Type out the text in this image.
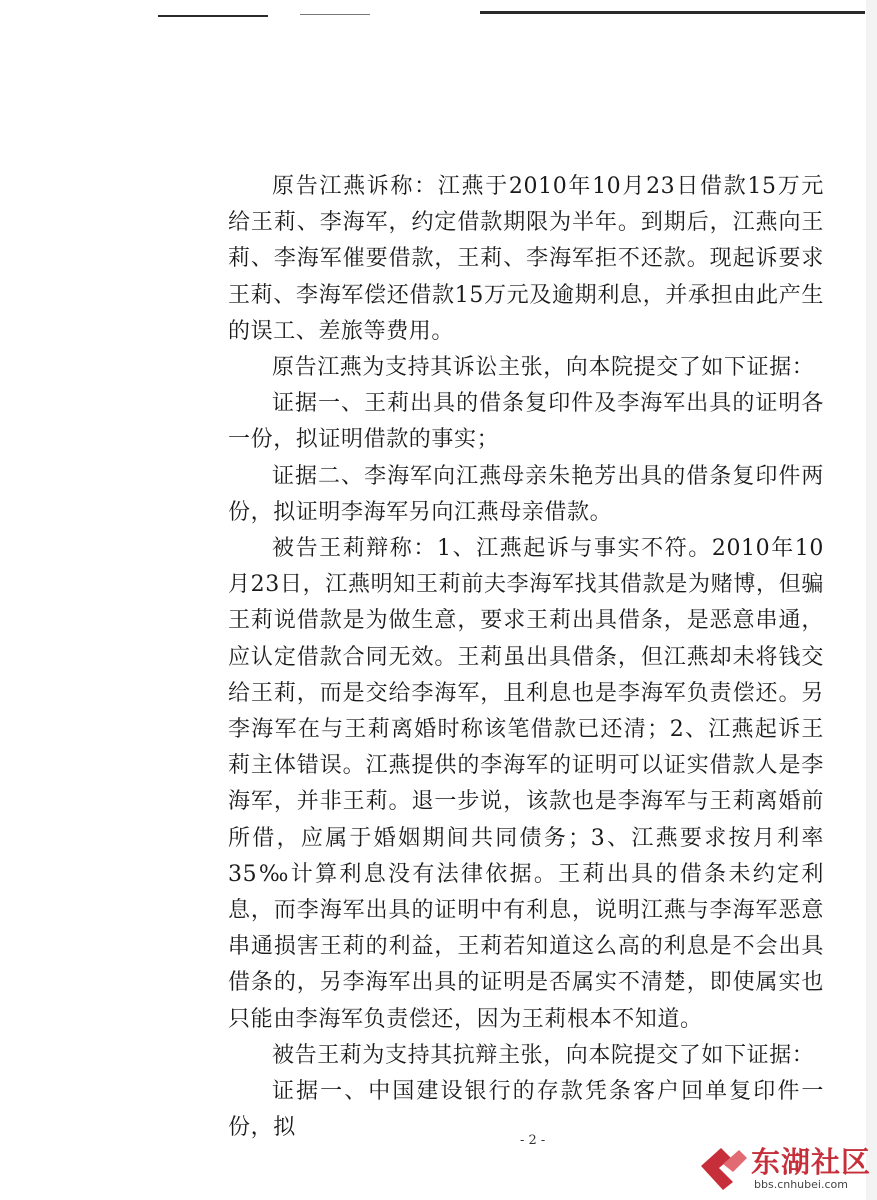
原告江燕诉称：江燕于2010年10月23日借款15万元给王莉、李海军，约定借款期限为半年。到期后，江燕向王莉、李海军催要借款，王莉、李海军拒不还款。现起诉要求王莉、李海军偿还借款15万元及逾期利息，并承担由此产生的误工、差旅等费用。

原告江燕为支持其诉讼主张，向本院提交了如下证据：

证据一、王莉出具的借条复印件及李海军出具的证明各一份，拟证明借款的事实；

证据二、李海军向江燕母亲朱艳芳出具的借条复印件两份，拟证明李海军另向江燕母亲借款。

被告王莉辩称：1、江燕起诉与事实不符。2010年10月23日，江燕明知王莉前夫李海军找其借款是为赌博，但骗王莉说借款是为做生意，要求王莉出具借条，是恶意串通，应认定借款合同无效。王莉虽出具借条，但江燕却未将钱交给王莉，而是交给李海军，且利息也是李海军负责偿还。另李海军在与王莉离婚时称该笔借款已还清；2、江燕起诉王莉主体错误。江燕提供的李海军的证明可以证实借款人是李海军，并非王莉。退一步说，该款也是李海军与王莉离婚前所借，应属于婚姻期间共同债务；3、江燕要求按月利率 35‰计算利息没有法律依据。王莉出具的借条未约定利息，而李海军出具的证明中有利息，说明江燕与李海军恶意串通损害王莉的利益，王莉若知道这么高的利息是不会出具借条的，另李海军出具的证明是否属实不清楚，即使属实也只能由李海军负责偿还，因为王莉根本不知道。

被告王莉为支持其抗辩主张，向本院提交了如下证据：

证据一、中国建设银行的存款凭条客户回单复印件一份，拟

- 2 -
东湖社区
bbs.cnhubei.com
